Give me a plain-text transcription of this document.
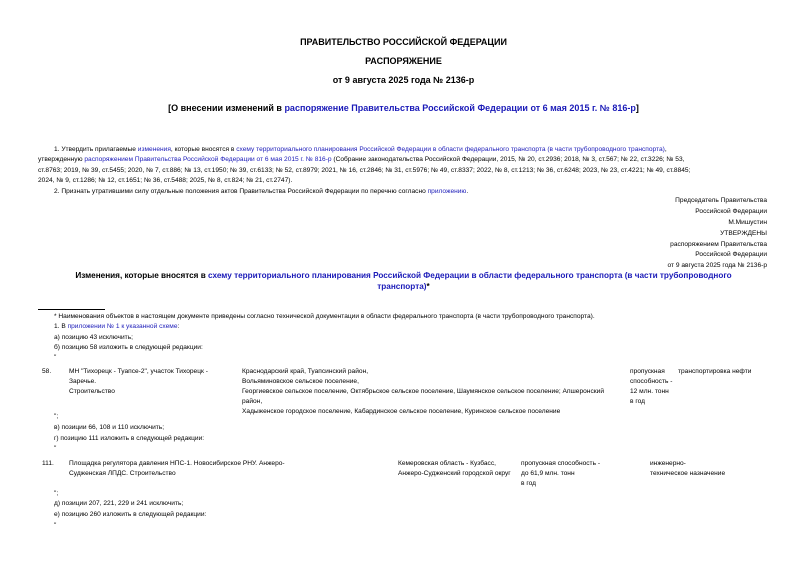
ПРАВИТЕЛЬСТВО РОССИЙСКОЙ ФЕДЕРАЦИИ
РАСПОРЯЖЕНИЕ
от 9 августа 2025 года № 2136-р
[О внесении изменений в распоряжение Правительства Российской Федерации от 6 мая 2015 г. № 816-р]
1. Утвердить прилагаемые изменения, которые вносятся в схему территориального планирования Российской Федерации в области федерального транспорта (в части трубопроводного транспорта),
утвержденную распоряжением Правительства Российской Федерации от 6 мая 2015 г. № 816-р (Собрание законодательства Российской Федерации, 2015, № 20, ст.2936; 2018, № 3, ст.567; № 22, ст.3226; № 53,
ст.8763; 2019, № 39, ст.5455; 2020, № 7, ст.886; № 13, ст.1950; № 39, ст.6133; № 52, ст.8979; 2021, № 16, ст.2846; № 31, ст.5976; № 49, ст.8337; 2022, № 8, ст.1213; № 36, ст.6248; 2023, № 23, ст.4221; № 49, ст.8845;
2024, № 9, ст.1286; № 12, ст.1651; № 36, ст.5488; 2025, № 8, ст.824; № 21, ст.2747).
2. Признать утратившими силу отдельные положения актов Правительства Российской Федерации по перечню согласно приложению.
Председатель Правительства
Российской Федерации
М.Мишустин
УТВЕРЖДЕНЫ
распоряжением Правительства
Российской Федерации
от 9 августа 2025 года № 2136-р
Изменения, которые вносятся в схему территориального планирования Российской Федерации в области федерального транспорта (в части трубопроводного
транспорта)*
* Наименования объектов в настоящем документе приведены согласно технической документации в области федерального транспорта (в части трубопроводного транспорта).
1. В приложении № 1 к указанной схеме:
а) позицию 43 исключить;
б) позицию 58 изложить в следующей редакции:
"
58.	МН "Тихорецк - Туапсе-2", участок Тихорецк -
Заречье.
Строительство
Краснодарский край, Туапсинский район,
Вольяминовское сельское поселение,
Георгиевское сельское поселение, Октябрьское сельское поселение, Шаумянское сельское поселение; Апшеронский
район,
Хадыженское городское поселение, Кабардинское сельское поселение, Куринское сельское поселение
пропускная
способность -
12 млн. тонн
в год
транспортировка нефти
";
в) позиции 66, 108 и 110 исключить;
г) позицию 111 изложить в следующей редакции:
"
111. Площадка регулятора давления НПС-1. Новосибирское РНУ. Анжеро-
Судженская ЛПДС. Строительство
Кемеровская область - Кузбасс,
Анжеро-Судженский городской округ
пропускная способность -
до 61,9 млн. тонн
в год
инженерно-
техническое назначение
";
д) позиции 207, 221, 229 и 241 исключить;
е) позицию 260 изложить в следующей редакции:
"
